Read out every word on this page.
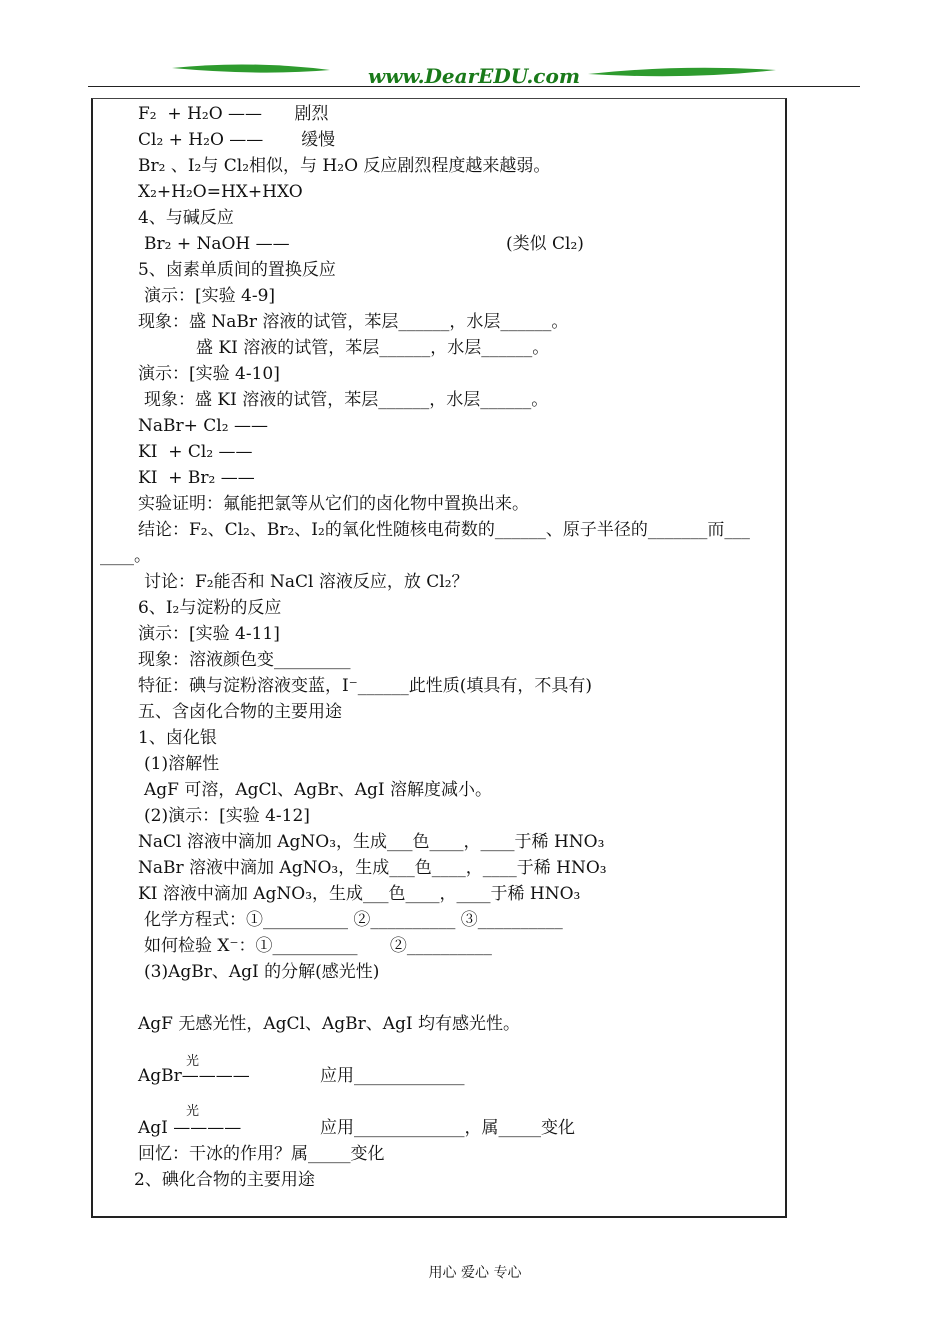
www.DearEDU.com
F₂  + H₂O ——      剧烈
Cl₂ + H₂O ——       缓慢
Br₂ 、I₂与 Cl₂相似，与 H₂O 反应剧烈程度越来越弱。
X₂+H₂O=HX+HXO
4、与碱反应
Br₂ + NaOH ——	(类似 Cl₂)
5、卤素单质间的置换反应
演示：[实验 4-9]
现象：盛 NaBr 溶液的试管，苯层______，水层______。
盛 KI 溶液的试管，苯层______，水层______。
演示：[实验 4-10]
现象：盛 KI 溶液的试管，苯层______，水层______。
NaBr+ Cl₂ ——
KI  + Cl₂ ——
KI  + Br₂ ——
实验证明：氟能把氯等从它们的卤化物中置换出来。
结论：F₂、Cl₂、Br₂、I₂的氧化性随核电荷数的______、原子半径的_______而___
____。
讨论：F₂能否和 NaCl 溶液反应，放 Cl₂？
6、I₂与淀粉的反应
演示：[实验 4-11]
现象：溶液颜色变_________
特征：碘与淀粉溶液变蓝，I⁻______此性质(填具有，不具有)
五、含卤化合物的主要用途
1、卤化银
(1)溶解性
AgF 可溶，AgCl、AgBr、AgI 溶解度减小。
(2)演示：[实验 4-12]
NaCl 溶液中滴加 AgNO₃，生成___色____，____于稀 HNO₃
NaBr 溶液中滴加 AgNO₃，生成___色____，____于稀 HNO₃
KI 溶液中滴加 AgNO₃，生成___色____，____于稀 HNO₃
化学方程式：①__________ ②__________ ③__________
如何检验 X⁻：①__________      ②__________
(3)AgBr、AgI 的分解(感光性)
AgF 无感光性，AgCl、AgBr、AgI 均有感光性。
光
AgBr————	应用_____________
光
AgI ————	应用_____________，属_____变化
回忆：干冰的作用？属_____变化
2、碘化合物的主要用途
用心 爱心 专心
